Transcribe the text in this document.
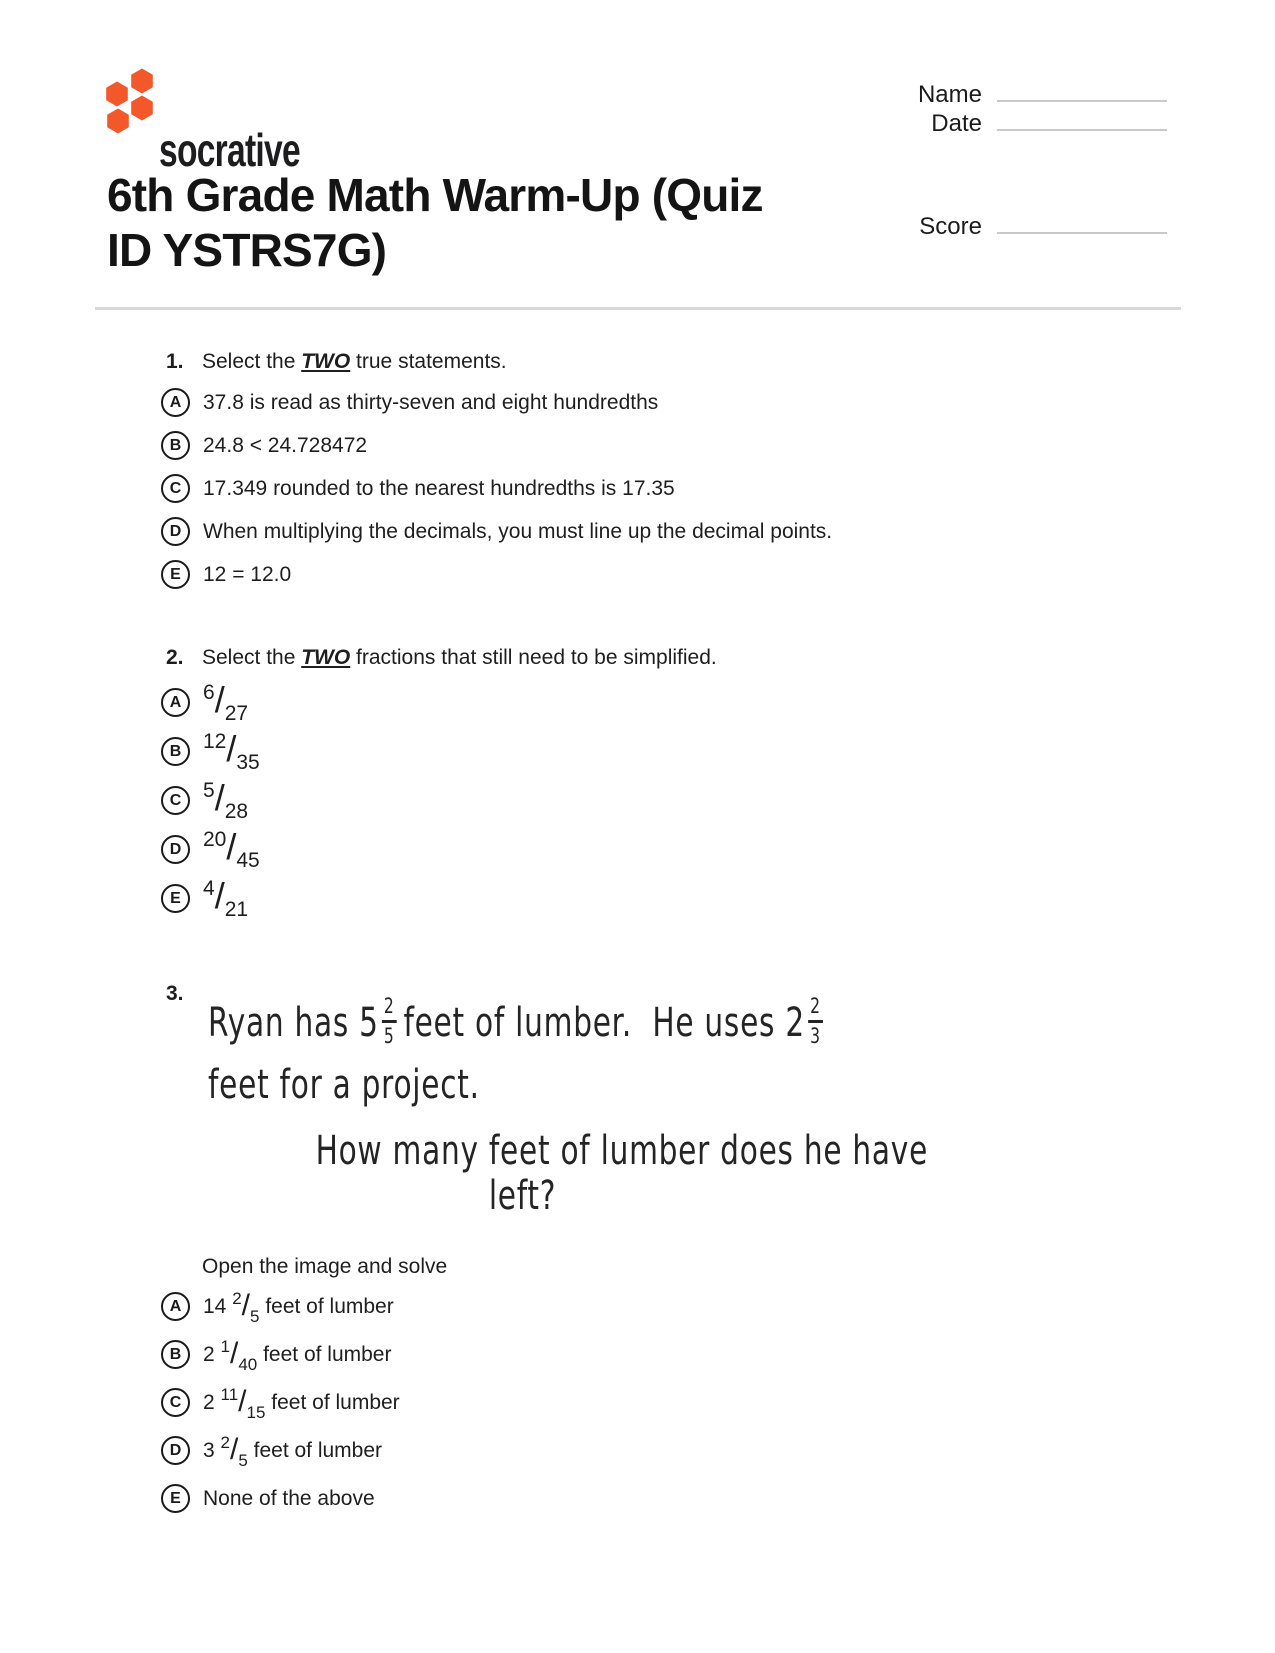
socrative
Name
Date
Score
6th Grade Math Warm-Up (Quiz
ID YSTRS7G)
1. Select the TWO true statements.
A	37.8 is read as thirty-seven and eight hundredths
B	24.8 < 24.728472
C	17.349 rounded to the nearest hundredths is 17.35
D	When multiplying the decimals, you must line up the decimal points.
E	12 = 12.0
2. Select the TWO fractions that still need to be simplified.
A	6/27
B	12/35
C	5/28
D	20/45
E	4/21
3.
Ryan has $5 \frac{2}{5}$ feet of lumber.  He uses $2 \frac{2}{3}$
feet for a project.
How many feet of lumber does he have
left?
Open the image and solve
A	14 $^2/_5$ feet of lumber
B	2 $^1/_{40}$ feet of lumber
C	2 $^{11}/_{15}$ feet of lumber
D	3 $^2/_5$ feet of lumber
E	None of the above
